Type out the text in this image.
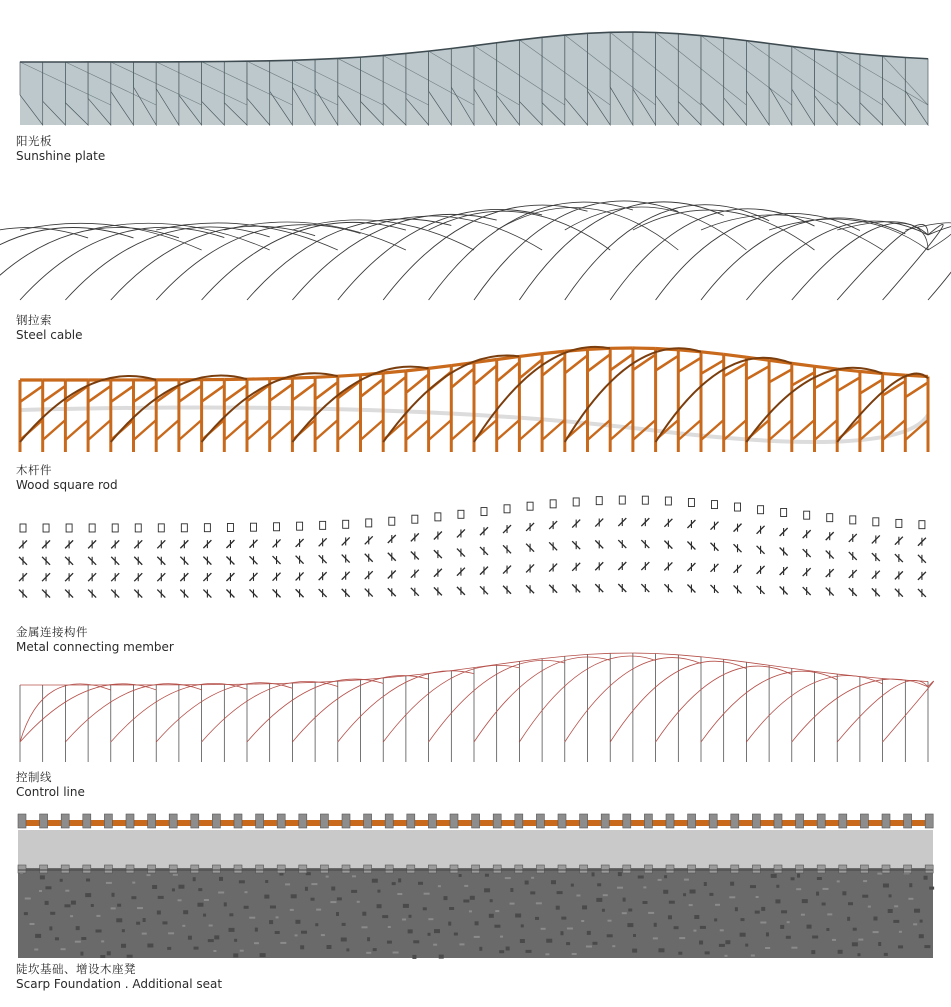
阳光板
Sunshine plate
钢拉索
Steel cable
木杆件
Wood square rod
金属连接构件
Metal connecting member
控制线
Control line
陡坎基础、增设木座凳
Scarp Foundation . Additional seat
